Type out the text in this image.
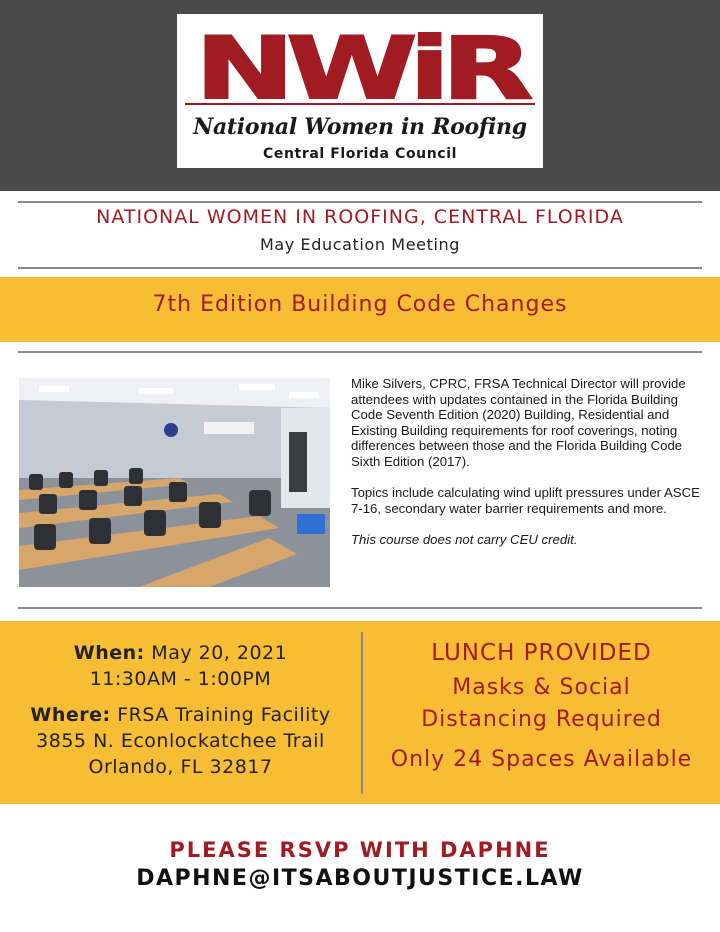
NWiR
National Women in Roofing
Central Florida Council
NATIONAL WOMEN IN ROOFING, CENTRAL FLORIDA
May Education Meeting
7th Edition Building Code Changes

Mike Silvers, CPRC, FRSA Technical Director will provide attendees with updates contained in the Florida Building Code Seventh Edition (2020) Building, Residential and Existing Building requirements for roof coverings, noting differences between those and the Florida Building Code Sixth Edition (2017).

Topics include calculating wind uplift pressures under ASCE 7-16, secondary water barrier requirements and more.

This course does not carry CEU credit.

When: May 20, 2021
11:30AM - 1:00PM
Where: FRSA Training Facility
3855 N. Econlockatchee Trail
Orlando, FL 32817
LUNCH PROVIDED
Masks & Social
Distancing Required
Only 24 Spaces Available
PLEASE RSVP WITH DAPHNE
DAPHNE@ITSABOUTJUSTICE.LAW
